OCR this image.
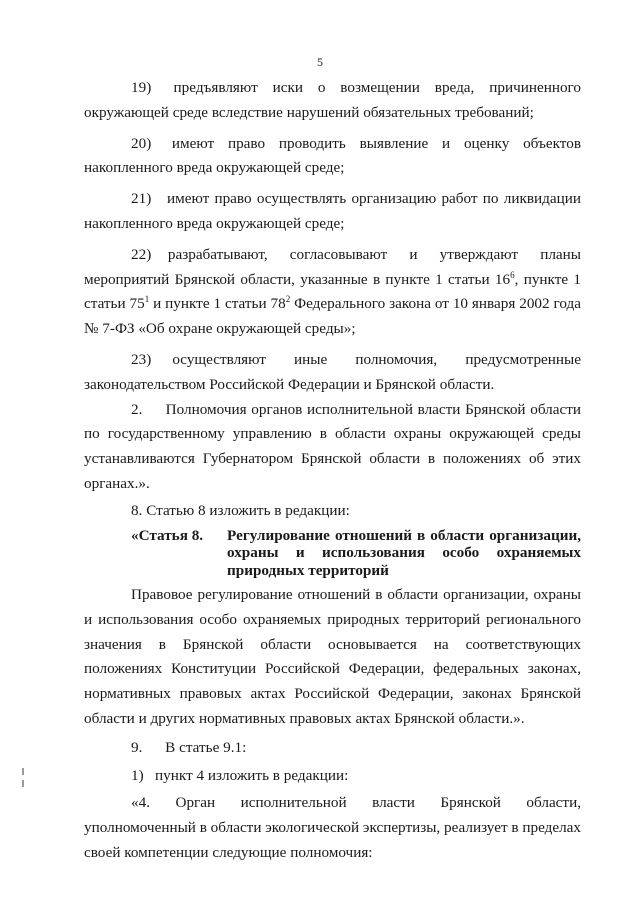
5

19)   предъявляют  иски  о  возмещении  вреда,  причиненного окружающей среде вследствие нарушений обязательных требований;

20)   имеют  право  проводить  выявление  и  оценку  объектов накопленного вреда окружающей среде;

21)   имеют право осуществлять организацию работ по ликвидации накопленного вреда окружающей среде;

22)   разрабатывают,    согласовывают    и    утверждают    планы мероприятий Брянской области, указанные в пункте 1 статьи $16^6$, пункте 1 статьи $75^1$ и пункте 1 статьи $78^2$ Федерального закона от 10 января 2002 года № 7-ФЗ «Об охране окружающей среды»;

23)   осуществляют    иные    полномочия,    предусмотренные законодательством Российской Федерации и Брянской области.

2.     Полномочия органов исполнительной власти Брянской области по государственному управлению в области охраны окружающей среды устанавливаются Губернатором Брянской области в положениях об этих органах.».

8. Статью 8 изложить в редакции:

«Статья 8.	Регулирование отношений в области организации, охраны и использования особо охраняемых природных территорий

Правовое регулирование отношений в области организации, охраны и использования особо охраняемых природных территорий регионального значения в Брянской области основывается на соответствующих положениях Конституции Российской Федерации, федеральных законах, нормативных правовых актах Российской Федерации, законах Брянской области и других нормативных правовых актах Брянской области.».

9.      В статье 9.1:

1)   пункт 4 изложить в редакции:

«4. Орган исполнительной власти Брянской области, уполномоченный в области экологической экспертизы, реализует в пределах своей компетенции следующие полномочия:
